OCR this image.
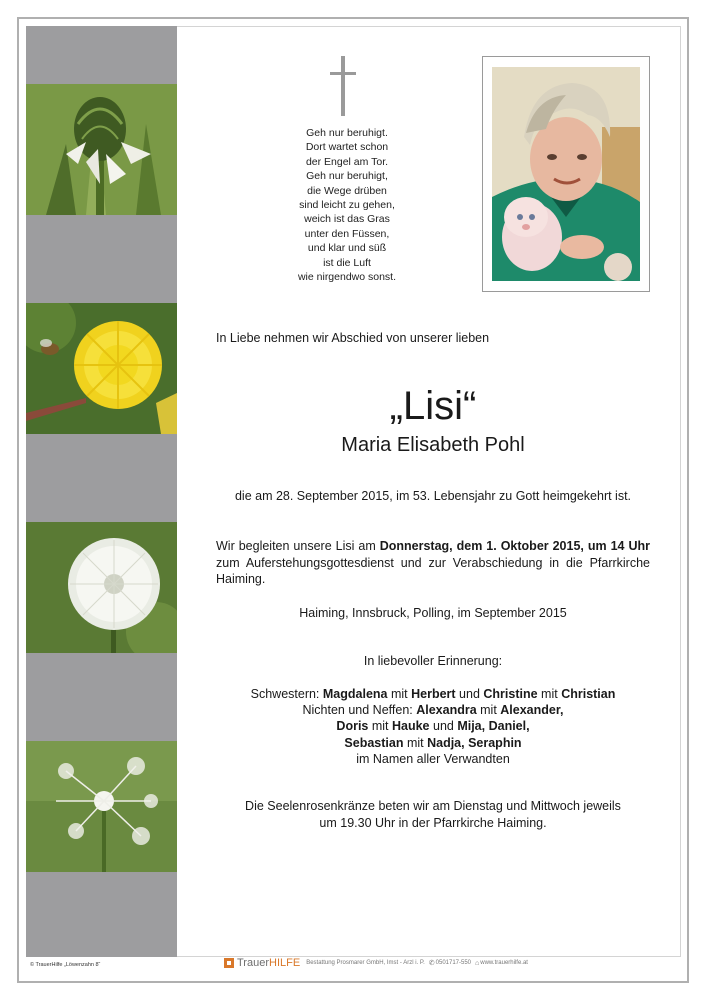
Geh nur beruhigt.
Dort wartet schon
der Engel am Tor.
Geh nur beruhigt,
die Wege drüben
sind leicht zu gehen,
weich ist das Gras
unter den Füssen,
und klar und süß
ist die Luft
wie nirgendwo sonst.
In Liebe nehmen wir Abschied von unserer lieben
„Lisi“
Maria Elisabeth Pohl
die am 28. September 2015, im 53. Lebensjahr zu Gott heimgekehrt ist.

Wir begleiten unsere Lisi am Donnerstag, dem 1. Oktober 2015, um 14 Uhr

zum Auferstehungsgottesdienst und zur Verabschiedung in die Pfarrkirche

Haiming.

Haiming, Innsbruck, Polling, im September 2015
In liebevoller Erinnerung:
Schwestern: Magdalena mit Herbert und Christine mit Christian
Nichten und Neffen: Alexandra mit Alexander,
Doris mit Hauke und Mija, Daniel,
Sebastian mit Nadja, Seraphin
im Namen aller Verwandten
Die Seelenrosenkränze beten wir am Dienstag und Mittwoch jeweils
um 19.30 Uhr in der Pfarrkirche Haiming.
© TrauerHilfe „Löwenzahn 8“	Trauer HILFE Bestattung Prosmarer GmbH, Imst - Arzl i. P. ✆ 0501717-550 ⌂ www.trauerhilfe.at
